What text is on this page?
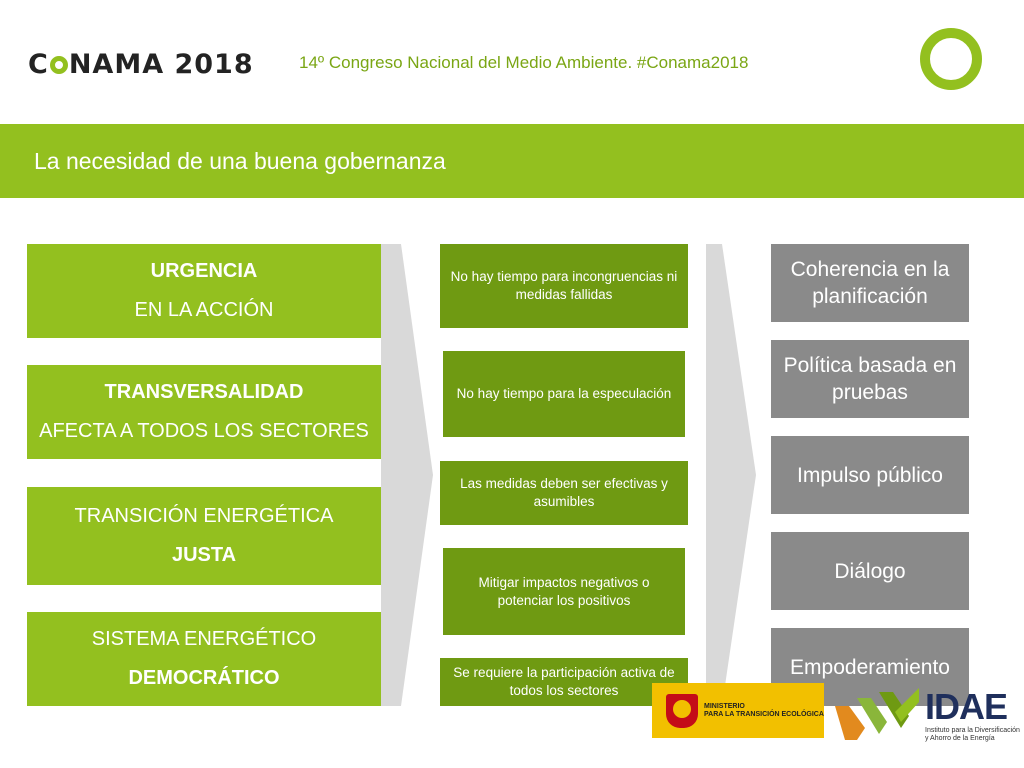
C NAMA 2018	14º Congreso Nacional del Medio Ambiente. #Conama2018
La necesidad de una buena gobernanza
URGENCIA
EN LA ACCIÓN
TRANSVERSALIDAD
AFECTA A TODOS LOS SECTORES
TRANSICIÓN ENERGÉTICA
JUSTA
SISTEMA ENERGÉTICO
DEMOCRÁTICO
No hay tiempo para incongruencias ni medidas fallidas
No hay tiempo para la especulación
Las medidas deben ser efectivas y asumibles
Mitigar impactos negativos o potenciar los positivos
Se requiere la participación activa de todos los sectores
Coherencia en la planificación
Política basada en pruebas
Impulso público
Diálogo
Empoderamiento
MINISTERIO
PARA LA TRANSICIÓN ECOLÓGICA	IDAE
Instituto para la Diversificación y Ahorro de la Energía
